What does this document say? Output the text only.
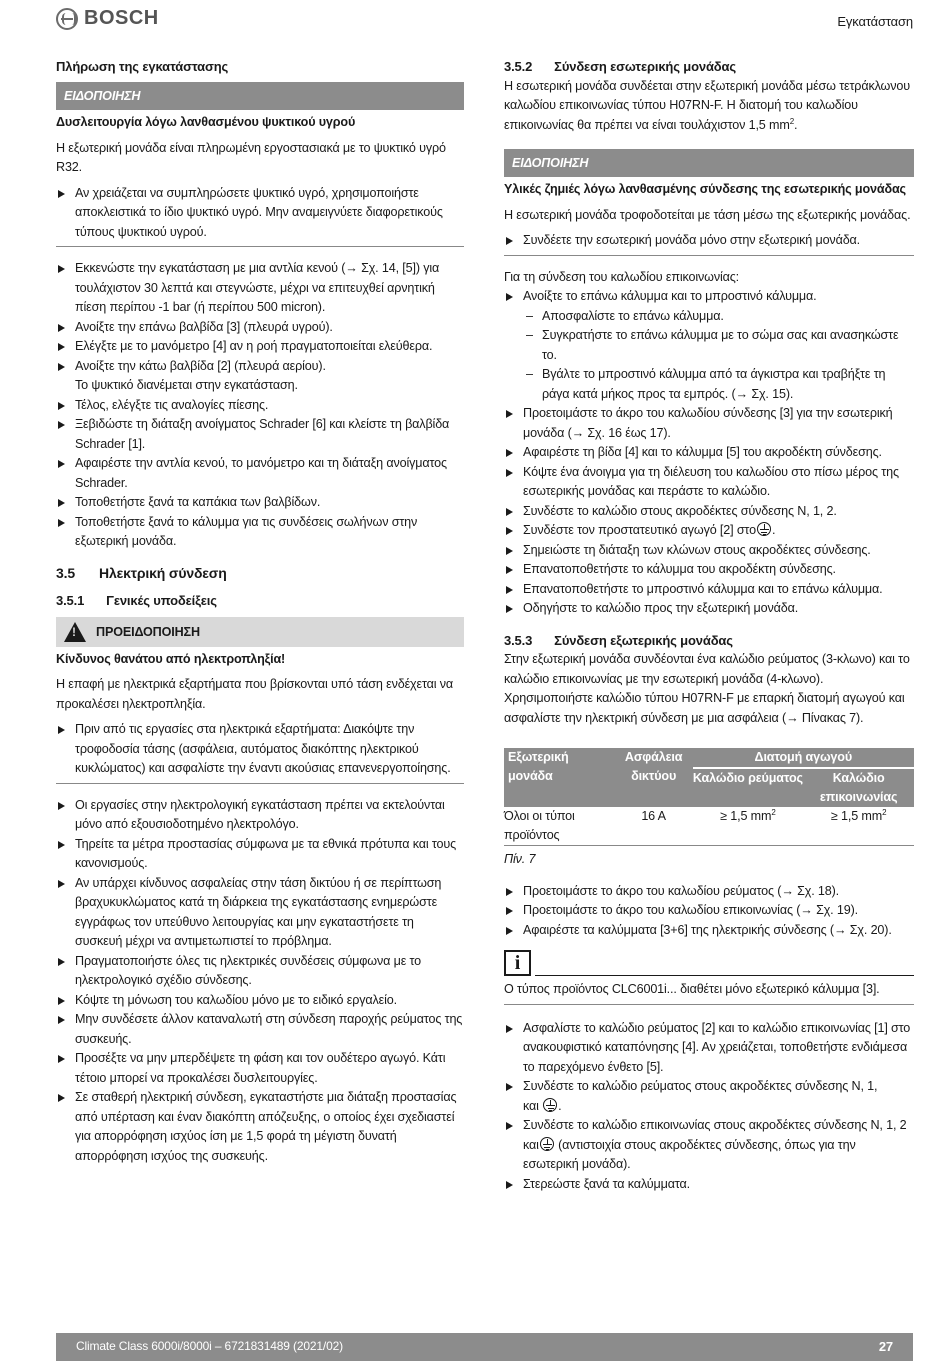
BOSCH	Εγκατάσταση
Πλήρωση της εγκατάστασης
ΕΙΔΟΠΟΙΗΣΗ
Δυσλειτουργία λόγω λανθασμένου ψυκτικού υγρού

Η εξωτερική μονάδα είναι πληρωμένη εργοστασιακά με το ψυκτικό υγρό R32.

Αν χρειάζεται να συμπληρώσετε ψυκτικό υγρό, χρησιμοποιήστε αποκλειστικά το ίδιο ψυκτικό υγρό. Μην αναμειγνύετε διαφορετικούς τύπους ψυκτικού υγρού.
Εκκενώστε την εγκατάσταση με μια αντλία κενού (→ Σχ. 14, [5]) για τουλάχιστον 30 λεπτά και στεγνώστε, μέχρι να επιτευχθεί αρνητική πίεση περίπου -1 bar (ή περίπου 500 micron).
Ανοίξτε την επάνω βαλβίδα [3] (πλευρά υγρού).
Ελέγξτε με το μανόμετρο [4] αν η ροή πραγματοποιείται ελεύθερα.
Ανοίξτε την κάτω βαλβίδα [2] (πλευρά αερίου).
Το ψυκτικό διανέμεται στην εγκατάσταση.
Τέλος, ελέγξτε τις αναλογίες πίεσης.
Ξεβιδώστε τη διάταξη ανοίγματος Schrader [6] και κλείστε τη βαλβίδα Schrader [1].
Αφαιρέστε την αντλία κενού, το μανόμετρο και τη διάταξη ανοίγματος Schrader.
Τοποθετήστε ξανά τα καπάκια των βαλβίδων.
Τοποθετήστε ξανά το κάλυμμα για τις συνδέσεις σωλήνων στην εξωτερική μονάδα.
3.5 Ηλεκτρική σύνδεση
3.5.1 Γενικές υποδείξεις
!
ΠΡΟΕΙΔΟΠΟΙΗΣΗ
Κίνδυνος θανάτου από ηλεκτροπληξία!

Η επαφή με ηλεκτρικά εξαρτήματα που βρίσκονται υπό τάση ενδέχεται να προκαλέσει ηλεκτροπληξία.

Πριν από τις εργασίες στα ηλεκτρικά εξαρτήματα: Διακόψτε την τροφοδοσία τάσης (ασφάλεια, αυτόματος διακόπτης ηλεκτρικού κυκλώματος) και ασφαλίστε την έναντι ακούσιας επανενεργοποίησης.
Οι εργασίες στην ηλεκτρολογική εγκατάσταση πρέπει να εκτελούνται μόνο από εξουσιοδοτημένο ηλεκτρολόγο.
Τηρείτε τα μέτρα προστασίας σύμφωνα με τα εθνικά πρότυπα και τους κανονισμούς.
Αν υπάρχει κίνδυνος ασφαλείας στην τάση δικτύου ή σε περίπτωση βραχυκυκλώματος κατά τη διάρκεια της εγκατάστασης ενημερώστε εγγράφως τον υπεύθυνο λειτουργίας και μην εγκαταστήσετε τη συσκευή μέχρι να αντιμετωπιστεί το πρόβλημα.
Πραγματοποιήστε όλες τις ηλεκτρικές συνδέσεις σύμφωνα με το ηλεκτρολογικό σχέδιο σύνδεσης.
Κόψτε τη μόνωση του καλωδίου μόνο με το ειδικό εργαλείο.
Μην συνδέσετε άλλον καταναλωτή στη σύνδεση παροχής ρεύματος της συσκευής.
Προσέξτε να μην μπερδέψετε τη φάση και τον ουδέτερο αγωγό. Κάτι τέτοιο μπορεί να προκαλέσει δυσλειτουργίες.
Σε σταθερή ηλεκτρική σύνδεση, εγκαταστήστε μια διάταξη προστασίας από υπέρταση και έναν διακόπτη απόζευξης, ο οποίος έχει σχεδιαστεί για απορρόφηση ισχύος ίση με 1,5 φορά τη μέγιστη δυνατή απορρόφηση ισχύος της συσκευής.
3.5.2 Σύνδεση εσωτερικής μονάδας

Η εσωτερική μονάδα συνδέεται στην εξωτερική μονάδα μέσω τετράκλωνου καλωδίου επικοινωνίας τύπου H07RN-F. Η διατομή του καλωδίου επικοινωνίας θα πρέπει να είναι τουλάχιστον 1,5 $mm^2$.

ΕΙΔΟΠΟΙΗΣΗ
Υλικές ζημιές λόγω λανθασμένης σύνδεσης της εσωτερικής μονάδας

Η εσωτερική μονάδα τροφοδοτείται με τάση μέσω της εξωτερικής μονάδας.

Συνδέετε την εσωτερική μονάδα μόνο στην εξωτερική μονάδα.

Για τη σύνδεση του καλωδίου επικοινωνίας:

Ανοίξτε το επάνω κάλυμμα και το μπροστινό κάλυμμα.
– Αποσφαλίστε το επάνω κάλυμμα.
– Συγκρατήστε το επάνω κάλυμμα με το σώμα σας και ανασηκώστε το.
– Βγάλτε το μπροστινό κάλυμμα από τα άγκιστρα και τραβήξτε τη ράγα κατά μήκος προς τα εμπρός. (→ Σχ. 15).
Προετοιμάστε το άκρο του καλωδίου σύνδεσης [3] για την εσωτερική μονάδα (→ Σχ. 16 έως 17).
Αφαιρέστε τη βίδα [4] και το κάλυμμα [5] του ακροδέκτη σύνδεσης.
Κόψτε ένα άνοιγμα για τη διέλευση του καλωδίου στο πίσω μέρος της εσωτερικής μονάδας και περάστε το καλώδιο.
Συνδέστε το καλώδιο στους ακροδέκτες σύνδεσης N, 1, 2.
Συνδέστε τον προστατευτικό αγωγό [2] στο .
Σημειώστε τη διάταξη των κλώνων στους ακροδέκτες σύνδεσης.
Επανατοποθετήστε το κάλυμμα του ακροδέκτη σύνδεσης.
Επανατοποθετήστε το μπροστινό κάλυμμα και το επάνω κάλυμμα.
Οδηγήστε το καλώδιο προς την εξωτερική μονάδα.
3.5.3 Σύνδεση εξωτερικής μονάδας

Στην εξωτερική μονάδα συνδέονται ένα καλώδιο ρεύματος (3-κλωνο) και το καλώδιο επικοινωνίας με την εσωτερική μονάδα (4-κλωνο). Χρησιμοποιήστε καλώδιο τύπου H07RN-F με επαρκή διατομή αγωγού και ασφαλίστε την ηλεκτρική σύνδεση με μια ασφάλεια (→ Πίνακας 7).

Εξωτερική μονάδα	Ασφάλεια δικτύου	Διατομή αγωγού	
		Καλώδιο ρεύματος	Καλώδιο επικοινωνίας
Όλοι οι τύποι προϊόντος	16 A	≥ 1,5 $mm^2$	≥ 1,5 $mm^2$
Πίν. 7
Προετοιμάστε το άκρο του καλωδίου ρεύματος (→ Σχ. 18).
Προετοιμάστε το άκρο του καλωδίου επικοινωνίας (→ Σχ. 19).
Αφαιρέστε τα καλύμματα [3+6] της ηλεκτρικής σύνδεσης (→ Σχ. 20).
i

Ο τύπος προϊόντος CLC6001i... διαθέτει μόνο εξωτερικό κάλυμμα [3].

Ασφαλίστε το καλώδιο ρεύματος [2] και το καλώδιο επικοινωνίας [1] στο ανακουφιστικό καταπόνησης [4]. Αν χρειάζεται, τοποθετήστε ενδιάμεσα το παρεχόμενο ένθετο [5].
Συνδέστε το καλώδιο ρεύματος στους ακροδέκτες σύνδεσης N, 1,
και .
Συνδέστε το καλώδιο επικοινωνίας στους ακροδέκτες σύνδεσης N, 1, 2
και (αντιστοιχία στους ακροδέκτες σύνδεσης, όπως για την εσωτερική μονάδα).
Στερεώστε ξανά τα καλύμματα.
Climate Class 6000i/8000i – 6721831489 (2021/02)	27
